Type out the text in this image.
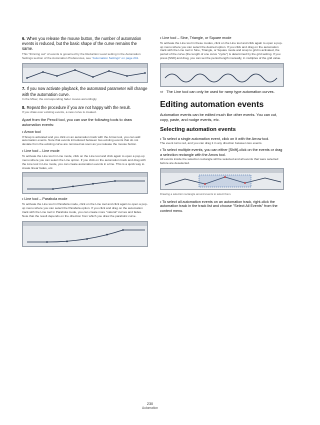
6. When you release the mouse button, the number of automation events is reduced, but the basic shape of the curve remains the same.
This "thinning out" of events is governed by the Reduction Level setting in the Automation Settings section of the Automation Preferences, see "Automation Settings" on page 241.
7. If you now activate playback, the automated parameter will change with the automation curve.
In the Mixer, the corresponding fader moves accordingly.
8. Repeat the procedure if you are not happy with the result.
If you draw over existing events, a new curve is created.
Apart from the Pencil tool, you can use the following tools to draw automation events:
• Arrow tool
If Snap is activated and you click on an automation track with the Arrow tool, you can add automation events. Note that events introduced between two existing events that do not deviate from the existing curve are removed as soon as you release the mouse button.
• Line tool – Line mode
To activate the Line tool in Line mode, click on the Line tool and click again to open a pop-up menu where you can select the Line option. If you click on the automation track and drag with the Line tool in Line mode, you can create automation events in a line. This is a quick way to create linear fades, etc.
• Line tool – Parabola mode
To activate the Line tool in Parabola mode, click on the Line tool and click again to open a pop-up menu where you can select the Parabola option. If you click and drag on the automation track with the Line tool in Parabola mode, you can create more "natural" curves and fades. Note that the result depends on the direction from which you draw the parabolic curve.
• Line tool – Sine, Triangle, or Square mode
To activate the Line tool in these modes, click on the Line tool and click again to open a pop-up menu where you can select the desired option. If you click and drag on the automation track with the Line tool in Sine, Triangle, or Square mode and snap to grid is activated, the period of the curve (the length of one curve "cycle") is determined by the grid setting. If you press [Shift] and drag, you can set the period length manually, in multiples of the grid value.
⇨ The Line tool can only be used for ramp type automation curves.
Editing automation events
Automation events can be edited much like other events. You can cut, copy, paste, and nudge events, etc.
Selecting automation events
• To select a single automation event, click on it with the Arrow tool.
The event turns red, and you can drag it in any direction between two events.
• To select multiple events, you can either [Shift]-click on the events or drag a selection rectangle with the Arrow tool.
All events inside the selection rectangle will be selected and all events that were selected before are deselected.
Drawing a selection rectangle around events to select them.
• To select all automation events on an automation track, right-click the automation track in the track list and choose "Select All Events" from the context menu.
230
Automation
